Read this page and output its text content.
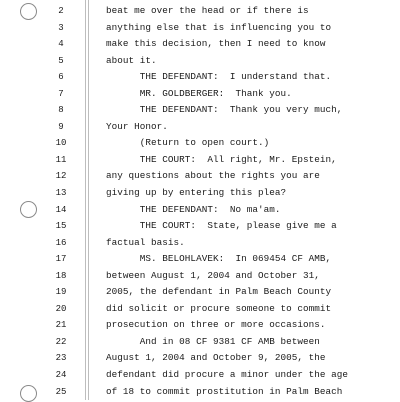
2	beat me over the head or if there is
3	anything else that is influencing you to
4	make this decision, then I need to know
5	about it.
6	THE DEFENDANT:  I understand that.
7	MR. GOLDBERGER:  Thank you.
8	THE DEFENDANT:  Thank you very much,
9	Your Honor.
10	(Return to open court.)
11	THE COURT:  All right, Mr. Epstein,
12	any questions about the rights you are
13	giving up by entering this plea?
14	THE DEFENDANT:  No ma'am.
15	THE COURT:  State, please give me a
16	factual basis.
17	MS. BELOHLAVEK:  In 069454 CF AMB,
18	between August 1, 2004 and October 31,
19	2005, the defendant in Palm Beach County
20	did solicit or procure someone to commit
21	prosecution on three or more occasions.
22	And in 08 CF 9381 CF AMB between
23	August 1, 2004 and October 9, 2005, the
24	defendant did procure a minor under the age
25	of 18 to commit prostitution in Palm Beach
